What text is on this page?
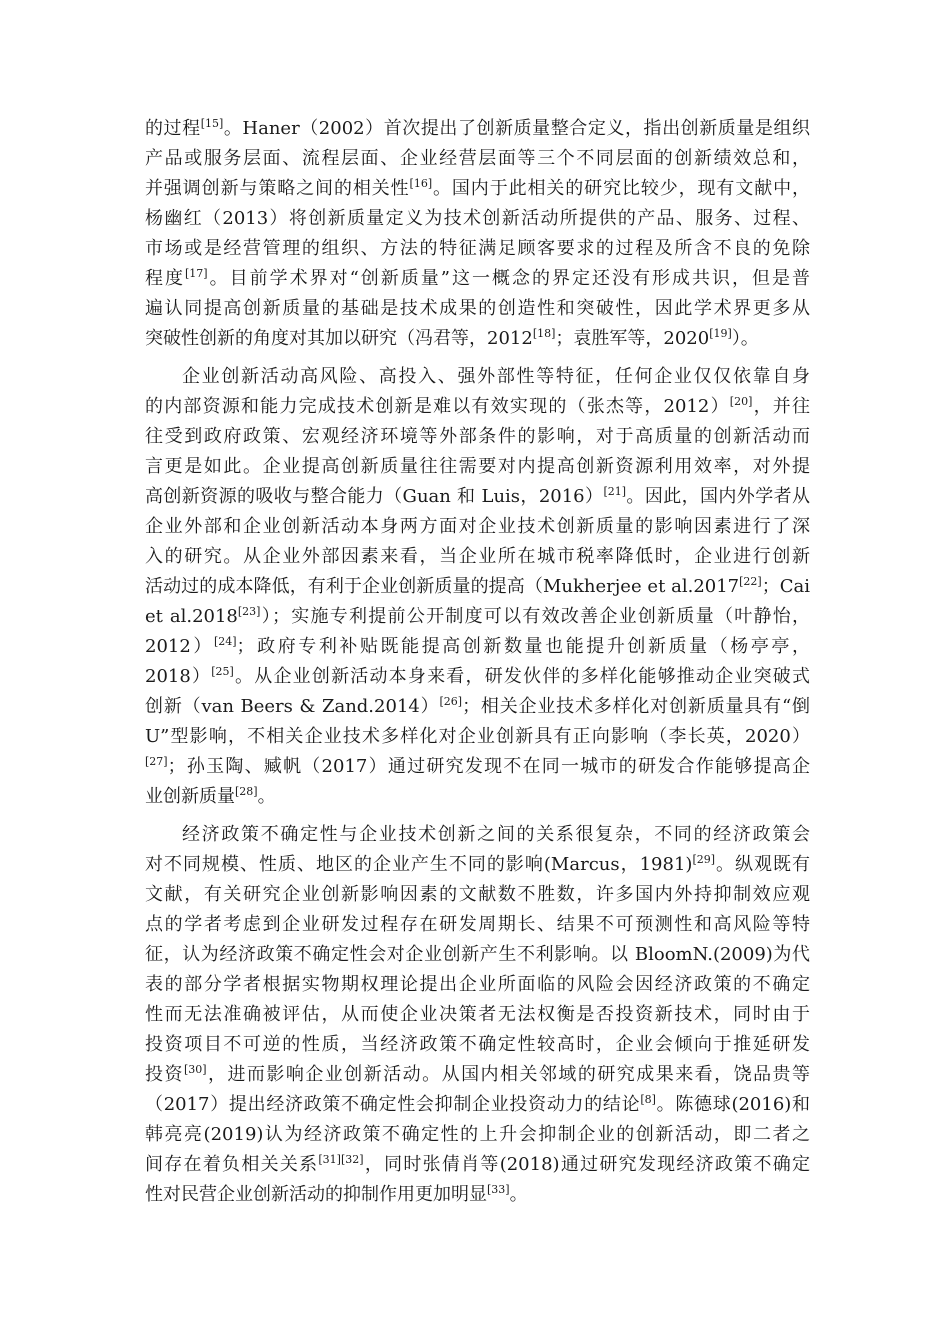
的过程[15]。Haner（2002）首次提出了创新质量整合定义，指出创新质量是组织

产品或服务层面、流程层面、企业经营层面等三个不同层面的创新绩效总和，

并强调创新与策略之间的相关性[16]。国内于此相关的研究比较少，现有文献中，

杨幽红（2013）将创新质量定义为技术创新活动所提供的产品、服务、过程、

市场或是经营管理的组织、方法的特征满足顾客要求的过程及所含不良的免除

程度[17]。目前学术界对“创新质量”这一概念的界定还没有形成共识，但是普

遍认同提高创新质量的基础是技术成果的创造性和突破性，因此学术界更多从

突破性创新的角度对其加以研究（冯君等，2012[18]；袁胜军等，2020[19]）。

企业创新活动高风险、高投入、强外部性等特征，任何企业仅仅依靠自身

的内部资源和能力完成技术创新是难以有效实现的（张杰等，2012）[20]，并往

往受到政府政策、宏观经济环境等外部条件的影响，对于高质量的创新活动而

言更是如此。企业提高创新质量往往需要对内提高创新资源利用效率，对外提

高创新资源的吸收与整合能力（Guan 和 Luis，2016）[21]。因此，国内外学者从

企业外部和企业创新活动本身两方面对企业技术创新质量的影响因素进行了深

入的研究。从企业外部因素来看，当企业所在城市税率降低时，企业进行创新

活动过的成本降低，有利于企业创新质量的提高（Mukherjee et al.2017[22]；Cai

et al.2018[23]）；实施专利提前公开制度可以有效改善企业创新质量（叶静怡，

2012）[24]；政府专利补贴既能提高创新数量也能提升创新质量（杨亭亭，

2018）[25]。从企业创新活动本身来看，研发伙伴的多样化能够推动企业突破式

创新（van Beers & Zand.2014）[26]；相关企业技术多样化对创新质量具有“倒

U”型影响，不相关企业技术多样化对企业创新具有正向影响（李长英，2020）

[27]；孙玉陶、臧帆（2017）通过研究发现不在同一城市的研发合作能够提高企

业创新质量[28]。

经济政策不确定性与企业技术创新之间的关系很复杂，不同的经济政策会

对不同规模、性质、地区的企业产生不同的影响(Marcus，1981)[29]。纵观既有

文献，有关研究企业创新影响因素的文献数不胜数，许多国内外持抑制效应观

点的学者考虑到企业研发过程存在研发周期长、结果不可预测性和高风险等特

征，认为经济政策不确定性会对企业创新产生不利影响。以 BloomN.(2009)为代

表的部分学者根据实物期权理论提出企业所面临的风险会因经济政策的不确定

性而无法准确被评估，从而使企业决策者无法权衡是否投资新技术，同时由于

投资项目不可逆的性质，当经济政策不确定性较高时，企业会倾向于推延研发

投资[30]，进而影响企业创新活动。从国内相关邻域的研究成果来看，饶品贵等

（2017）提出经济政策不确定性会抑制企业投资动力的结论[8]。陈德球(2016)和

韩亮亮(2019)认为经济政策不确定性的上升会抑制企业的创新活动，即二者之

间存在着负相关关系[31][32]，同时张倩肖等(2018)通过研究发现经济政策不确定

性对民营企业创新活动的抑制作用更加明显[33]。
